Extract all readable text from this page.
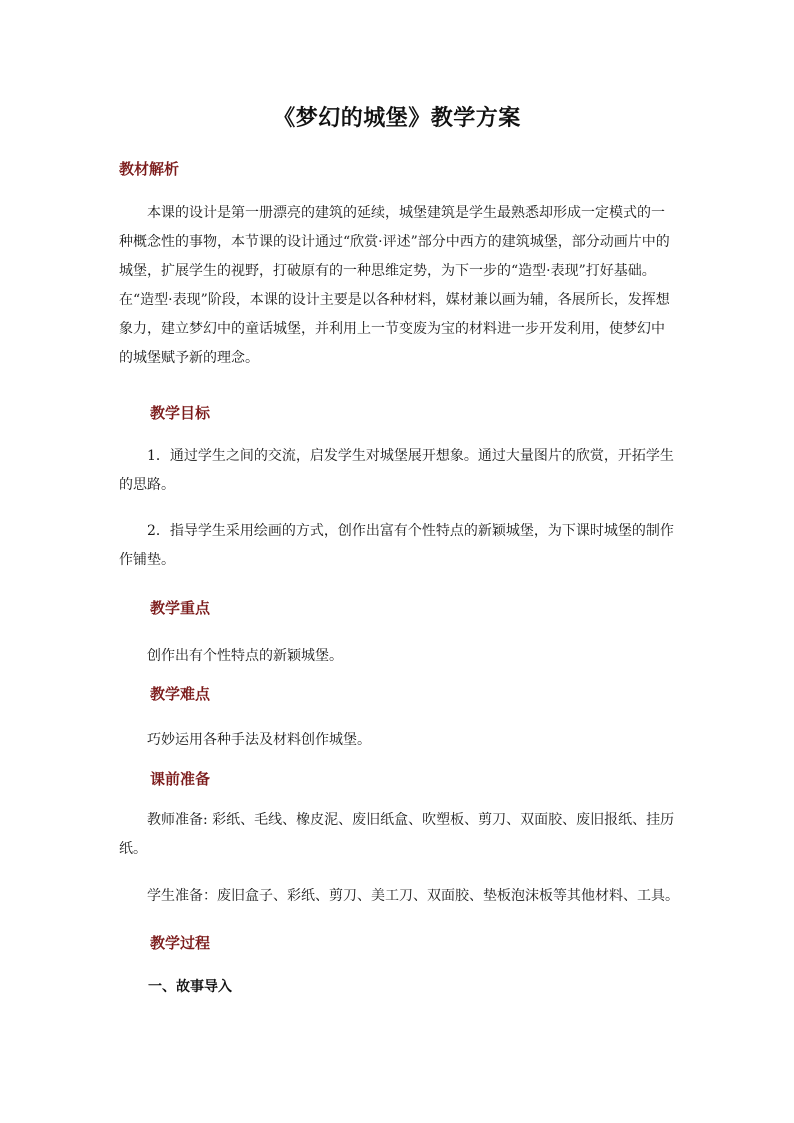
《梦幻的城堡》教学方案
教材解析
本课的设计是第一册漂亮的建筑的延续，城堡建筑是学生最熟悉却形成一定模式的一种概念性的事物，本节课的设计通过“欣赏·评述”部分中西方的建筑城堡，部分动画片中的城堡，扩展学生的视野，打破原有的一种思维定势，为下一步的“造型·表现”打好基础。在“造型·表现”阶段，本课的设计主要是以各种材料，媒材兼以画为辅，各展所长，发挥想象力，建立梦幻中的童话城堡，并利用上一节变废为宝的材料进一步开发利用，使梦幻中的城堡赋予新的理念。
教学目标
1．通过学生之间的交流，启发学生对城堡展开想象。通过大量图片的欣赏，开拓学生的思路。
2．指导学生采用绘画的方式，创作出富有个性特点的新颖城堡，为下课时城堡的制作作铺垫。
教学重点
创作出有个性特点的新颖城堡。
教学难点
巧妙运用各种手法及材料创作城堡。
课前准备
教师准备: 彩纸、毛线、橡皮泥、废旧纸盒、吹塑板、剪刀、双面胶、废旧报纸、挂历纸。
学生准备：废旧盒子、彩纸、剪刀、美工刀、双面胶、垫板泡沫板等其他材料、工具。
教学过程
一、故事导入
